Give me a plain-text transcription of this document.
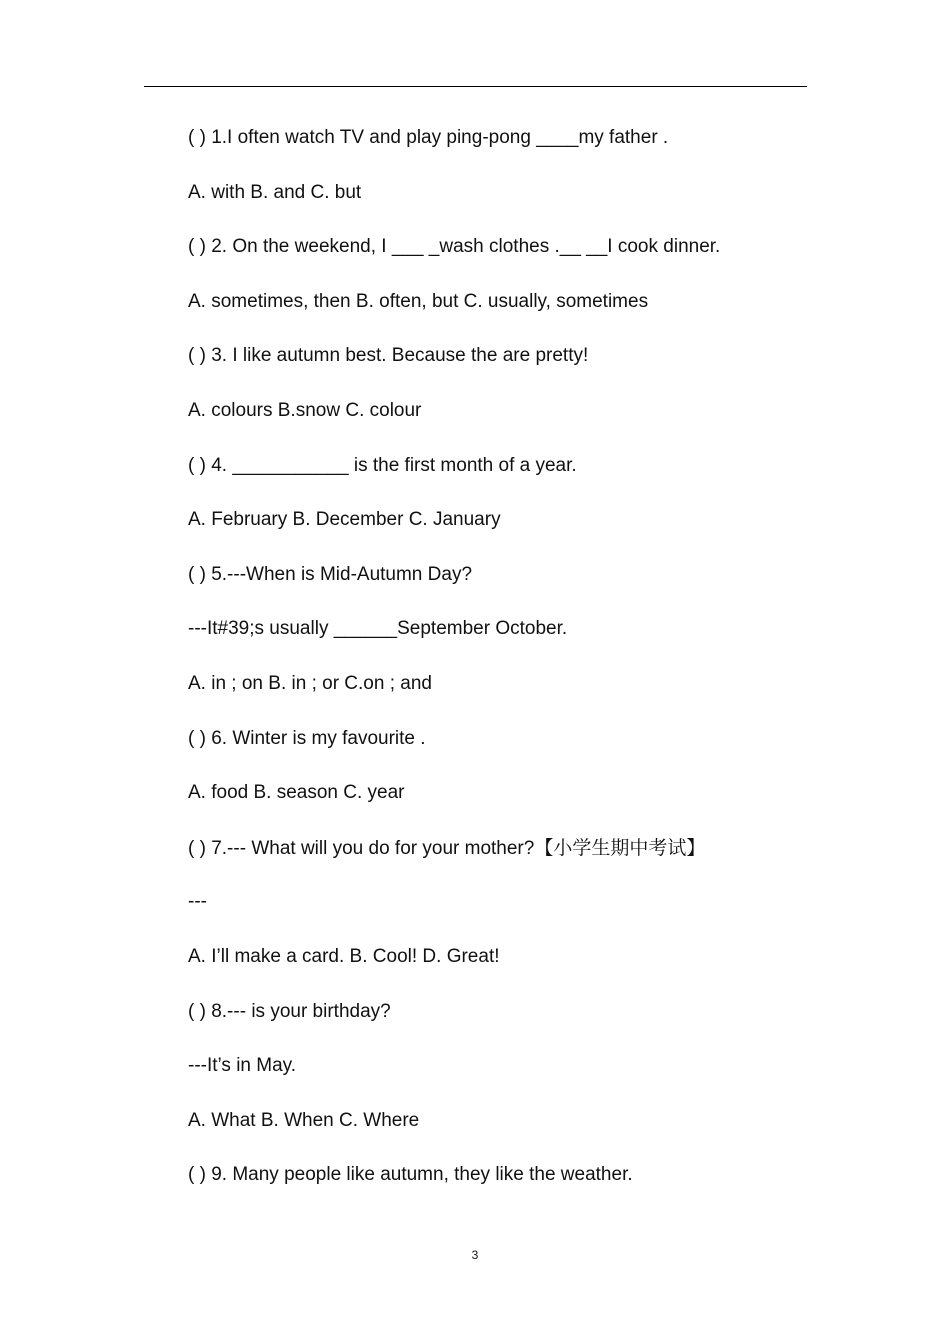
( ) 1.I often watch TV and play ping-pong ____my father .
A. with B. and C. but
( ) 2. On the weekend, I ___ _wash clothes .__ __I cook dinner.
A. sometimes, then B. often, but C. usually, sometimes
( ) 3. I like autumn best. Because the are pretty!
A. colours B.snow C. colour
( ) 4. ___________ is the first month of a year.
A. February B. December C. January
( ) 5.---When is Mid-Autumn Day?
---It#39;s usually ______September October.
A. in ; on B. in ; or C.on ; and
( ) 6. Winter is my favourite .
A. food B. season C. year
( ) 7.--- What will you do for your mother?【小学生期中考试】
---
A. I’ll make a card. B. Cool! D. Great!
( ) 8.--- is your birthday?
---It’s in May.
A. What B. When C. Where
( ) 9. Many people like autumn, they like the weather.
3
